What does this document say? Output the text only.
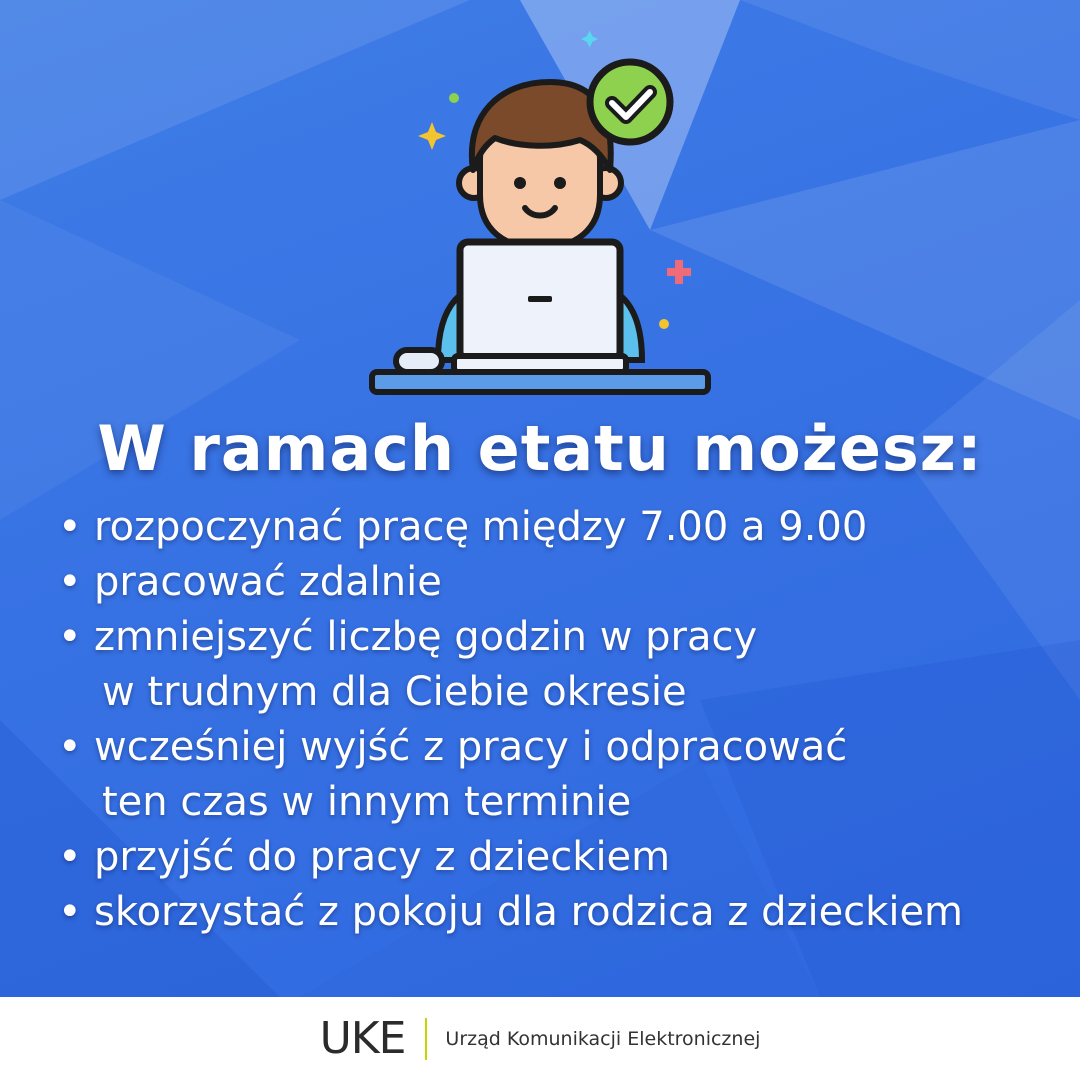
W ramach etatu możesz:
• rozpoczynać pracę między 7.00 a 9.00
• pracować zdalnie
• zmniejszyć liczbę godzin w pracy
w trudnym dla Ciebie okresie
• wcześniej wyjść z pracy i odpracować
ten czas w innym terminie
• przyjść do pracy z dzieckiem
• skorzystać z pokoju dla rodzica z dzieckiem
UKE Urząd Komunikacji Elektronicznej
